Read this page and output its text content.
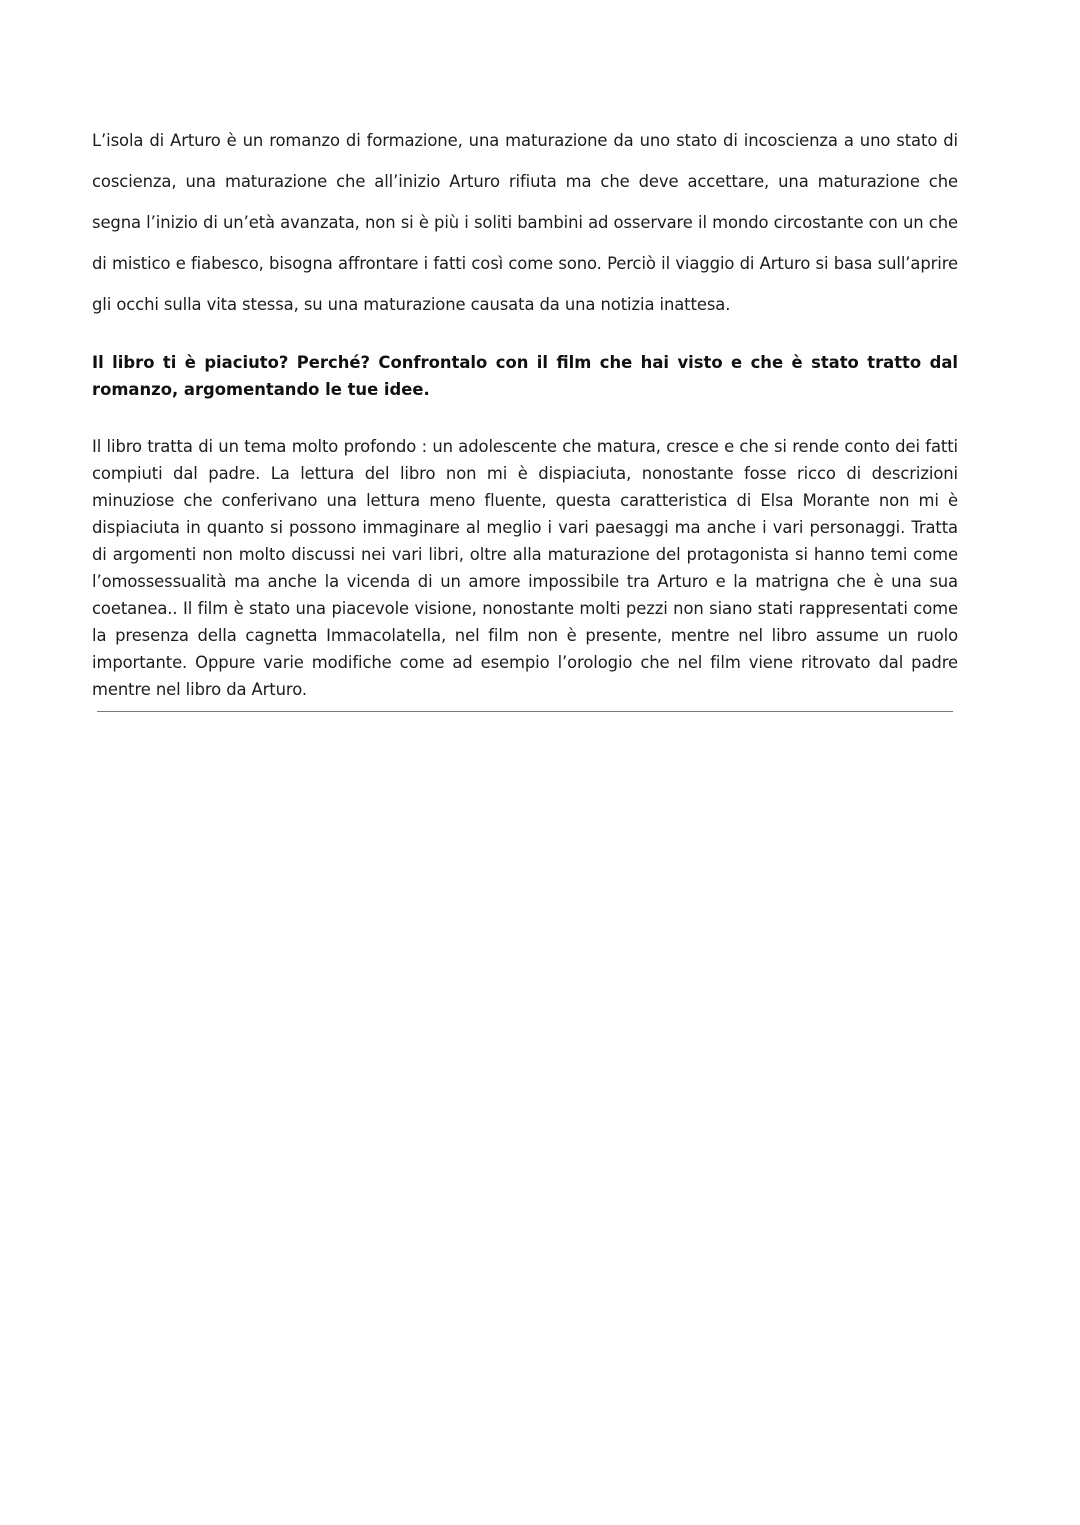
L’isola di Arturo è un romanzo di formazione, una maturazione da uno stato di incoscienza a uno stato di coscienza, una maturazione che all’inizio Arturo rifiuta ma che deve accettare, una maturazione che segna l’inizio di un’età avanzata, non si è più i soliti bambini ad osservare il mondo circostante con un che di mistico e fiabesco, bisogna affrontare i fatti così come sono. Perciò il viaggio di Arturo si basa sull’aprire gli occhi sulla vita stessa, su una maturazione causata da una notizia inattesa.

Il libro ti è piaciuto? Perché? Confrontalo con il film che hai visto e che è stato tratto dal romanzo, argomentando le tue idee.

Il libro tratta di un tema molto profondo : un adolescente che matura, cresce e che si rende conto dei fatti compiuti dal padre. La lettura del libro non mi è dispiaciuta, nonostante fosse ricco di descrizioni minuziose che conferivano una lettura meno fluente, questa caratteristica di Elsa Morante non mi è dispiaciuta in quanto si possono immaginare al meglio i vari paesaggi ma anche i vari personaggi. Tratta di argomenti non molto discussi nei vari libri, oltre alla maturazione del protagonista si hanno temi come l’omossessualità ma anche la vicenda di un amore impossibile tra Arturo e la matrigna che è una sua coetanea.. Il film è stato una piacevole visione, nonostante molti pezzi non siano stati rappresentati come la presenza della cagnetta Immacolatella, nel film non è presente, mentre nel libro assume un ruolo importante. Oppure varie modifiche come ad esempio l’orologio che nel film viene ritrovato dal padre mentre nel libro da Arturo.
